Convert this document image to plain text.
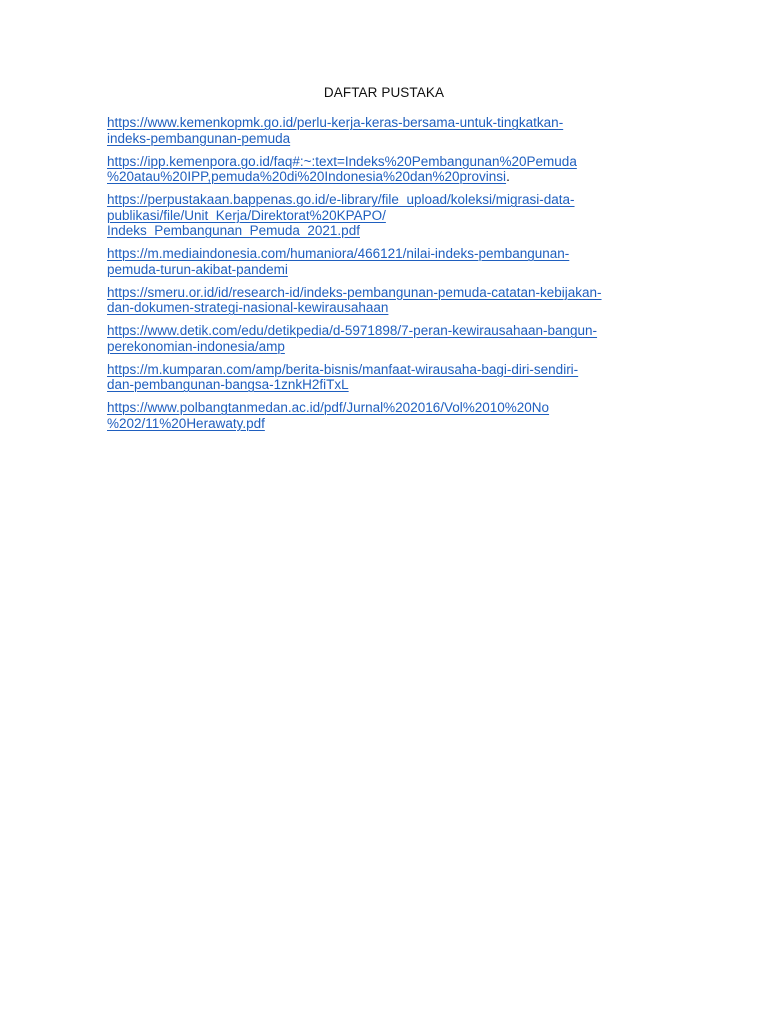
DAFTAR PUSTAKA
https://www.kemenkopmk.go.id/perlu-kerja-keras-bersama-untuk-tingkatkan-
indeks-pembangunan-pemuda
https://ipp.kemenpora.go.id/faq#:~:text=Indeks%20Pembangunan%20Pemuda
%20atau%20IPP,pemuda%20di%20Indonesia%20dan%20provinsi.
https://perpustakaan.bappenas.go.id/e-library/file_upload/koleksi/migrasi-data-
publikasi/file/Unit_Kerja/Direktorat%20KPAPO/
Indeks_Pembangunan_Pemuda_2021.pdf
https://m.mediaindonesia.com/humaniora/466121/nilai-indeks-pembangunan-
pemuda-turun-akibat-pandemi
https://smeru.or.id/id/research-id/indeks-pembangunan-pemuda-catatan-kebijakan-
dan-dokumen-strategi-nasional-kewirausahaan
https://www.detik.com/edu/detikpedia/d-5971898/7-peran-kewirausahaan-bangun-
perekonomian-indonesia/amp
https://m.kumparan.com/amp/berita-bisnis/manfaat-wirausaha-bagi-diri-sendiri-
dan-pembangunan-bangsa-1znkH2fiTxL
https://www.polbangtanmedan.ac.id/pdf/Jurnal%202016/Vol%2010%20No
%202/11%20Herawaty.pdf
